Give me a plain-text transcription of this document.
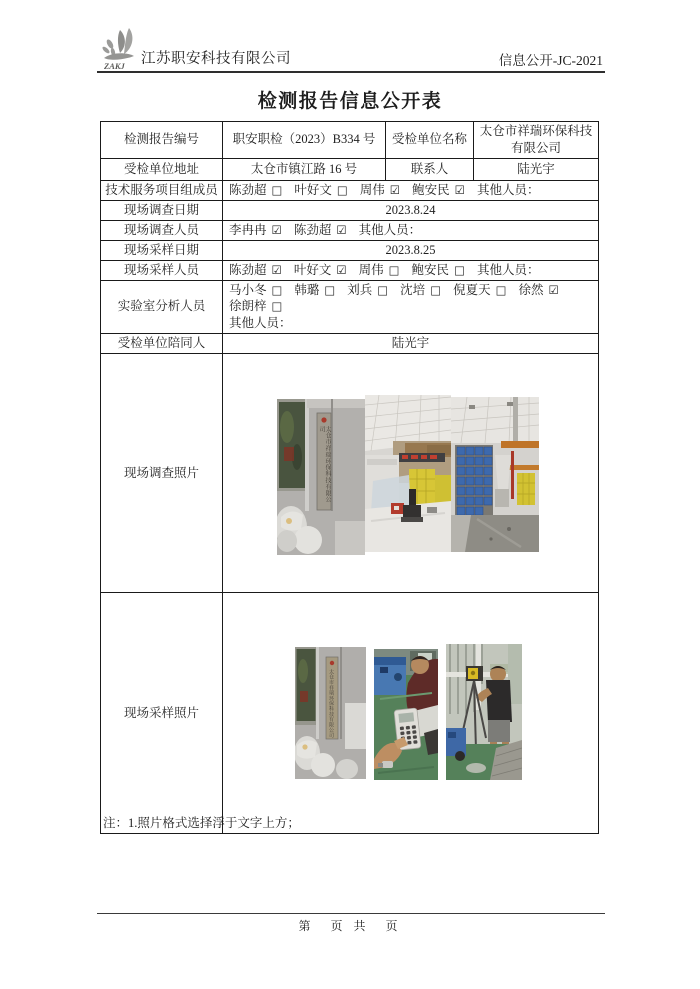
ZAKJ 江苏职安科技有限公司	信息公开-JC-2021
检测报告信息公开表
检测报告编号	职安职检（2023）B334 号	受检单位名称	太仓市祥瑞环保科技有限公司
受检单位地址	太仓市镇江路 16 号	联系人	陆光宇
技术服务项目组成员	陈劲超 □ 叶好文 □ 周伟 ☑ 鲍安民 ☑ 其他人员：		
现场调查日期	2023.8.24		
现场调查人员	李冉冉 ☑ 陈劲超 ☑ 其他人员：		
现场采样日期	2023.8.25		
现场采样人员	陈劲超 ☑ 叶好文 ☑ 周伟 □ 鲍安民 □ 其他人员：		
实验室分析人员	马小冬 □ 韩璐 □ 刘兵 □ 沈培 □ 倪夏天 □ 徐然 ☑徐朗梓 □
其他人员：		
受检单位陪同人	陆光宇		
现场调查照片	太仓市祥瑞环保科技有限公司		

现场采样照片	太仓市祥瑞环保科技有限公司		

注：1.照片格式选择浮于文字上方；

第　页 共　页
